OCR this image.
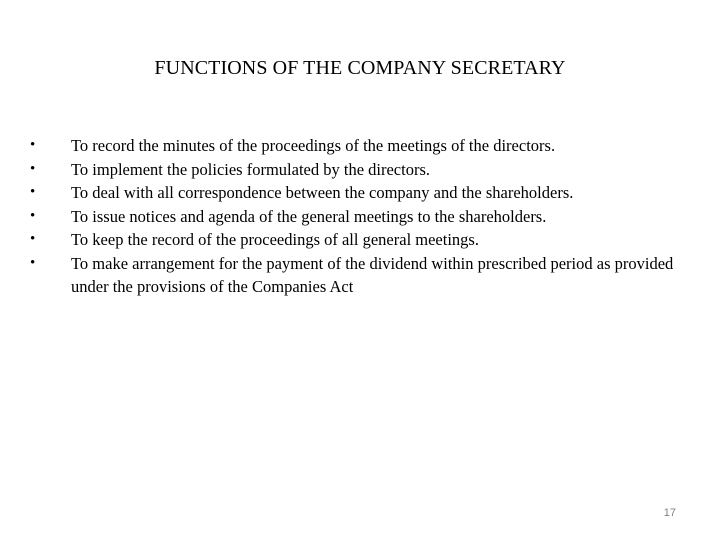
FUNCTIONS OF THE COMPANY SECRETARY
•	To record the minutes of the proceedings of the meetings of the directors.
•	To implement the policies formulated by the directors.
•	To deal with all correspondence between the company and the shareholders.
•	To issue notices and agenda of the general meetings to the shareholders.
•	To keep the record of the proceedings of all general meetings.
•	To make arrangement for the payment of the dividend within prescribed period as provided under the provisions of the Companies Act
17
